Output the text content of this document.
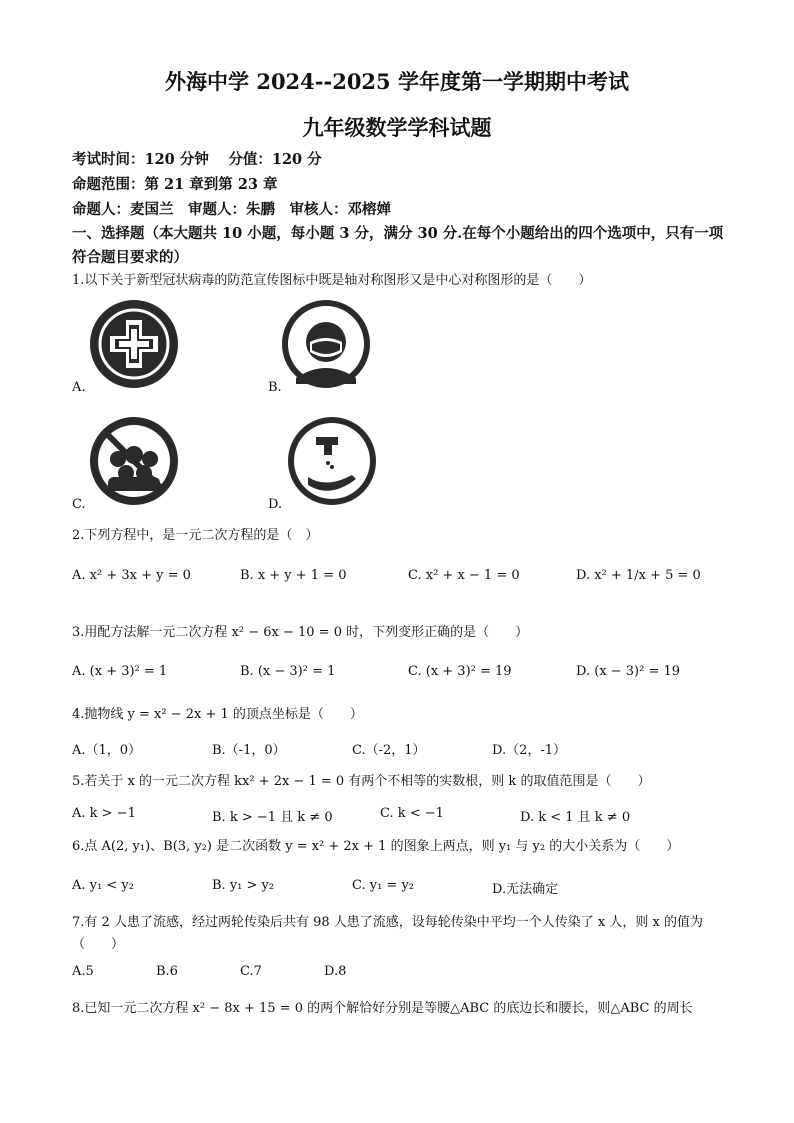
外海中学 2024--2025 学年度第一学期期中考试
九年级数学学科试题
考试时间：120 分钟　 分值：120 分
命题范围：第 21 章到第 23 章
命题人：麦国兰　审题人：朱鹏　审核人：邓榕婵
一、选择题（本大题共 10 小题，每小题 3 分，满分 30 分.在每个小题给出的四个选项中，只有一项符合题目要求的）
1.以下关于新型冠状病毒的防范宣传图标中既是轴对称图形又是中心对称图形的是（　　）
A.	B.
C.	D.
2.下列方程中，是一元二次方程的是（　）
A. x² + 3x + y = 0	B. x + y + 1 = 0	C. x² + x − 1 = 0	D. x² + 1/x + 5 = 0
3.用配方法解一元二次方程 x² − 6x − 10 = 0 时，下列变形正确的是（　　）
A. (x + 3)² = 1	B. (x − 3)² = 1	C. (x + 3)² = 19	D. (x − 3)² = 19
4.抛物线 y = x² − 2x + 1 的顶点坐标是（　　）
A.（1，0）	B.（-1，0）	C.（-2，1）	D.（2，-1）
5.若关于 x 的一元二次方程 kx² + 2x − 1 = 0 有两个不相等的实数根，则 k 的取值范围是（　　）
A. k > −1	B. k > −1 且 k ≠ 0	C. k < −1	D. k < 1 且 k ≠ 0
6.点 A(2, y₁)、B(3, y₂) 是二次函数 y = x² + 2x + 1 的图象上两点，则 y₁ 与 y₂ 的大小关系为（　　）
A. y₁ < y₂	B. y₁ > y₂	C. y₁ = y₂	D.无法确定
7.有 2 人患了流感，经过两轮传染后共有 98 人患了流感，设每轮传染中平均一个人传染了 x 人，则 x 的值为（　　）
A.5	B.6	C.7	D.8
8.已知一元二次方程 x² − 8x + 15 = 0 的两个解恰好分别是等腰△ABC 的底边长和腰长，则△ABC 的周长
